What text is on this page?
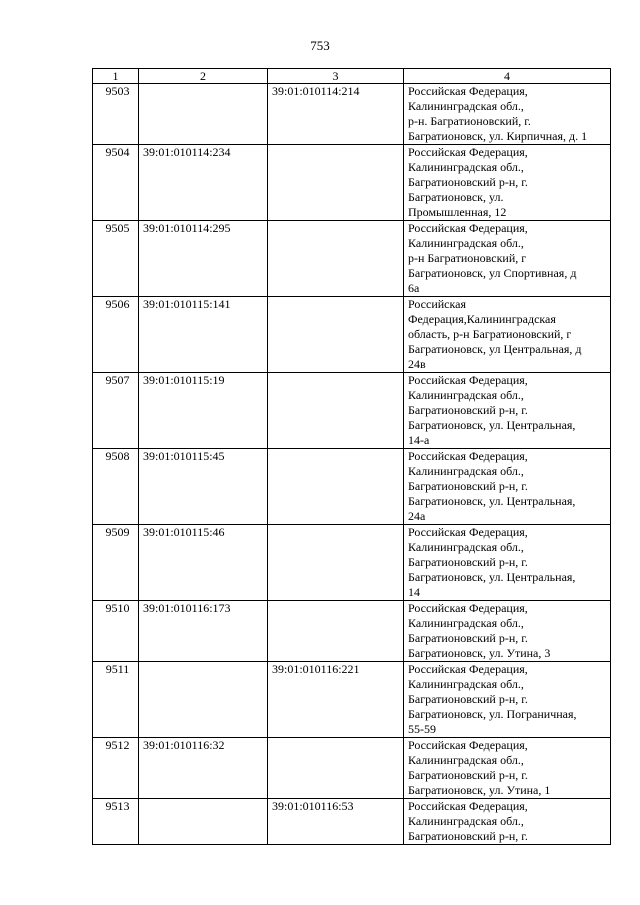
753
1	2	3	4
9503		39:01:010114:214	Российская Федерация,
Калининградская обл.,
р-н. Багратионовский, г.
Багратионовск, ул. Кирпичная, д. 1

9504	39:01:010114:234		Российская Федерация,
Калининградская обл.,
Багратионовский р-н, г.
Багратионовск, ул.
Промышленная, 12

9505	39:01:010114:295		Российская Федерация,
Калининградская обл.,
р-н Багратионовский, г
Багратионовск, ул Спортивная, д
6а

9506	39:01:010115:141		Российская
Федерация,Калининградская
область, р-н Багратионовский, г
Багратионовск, ул Центральная, д
24в

9507	39:01:010115:19		Российская Федерация,
Калининградская обл.,
Багратионовский р-н, г.
Багратионовск, ул. Центральная,
14-а

9508	39:01:010115:45		Российская Федерация,
Калининградская обл.,
Багратионовский р-н, г.
Багратионовск, ул. Центральная,
24а

9509	39:01:010115:46		Российская Федерация,
Калининградская обл.,
Багратионовский р-н, г.
Багратионовск, ул. Центральная,
14

9510	39:01:010116:173		Российская Федерация,
Калининградская обл.,
Багратионовский р-н, г.
Багратионовск, ул. Утина, 3

9511		39:01:010116:221	Российская Федерация,
Калининградская обл.,
Багратионовский р-н, г.
Багратионовск, ул. Пограничная,
55-59

9512	39:01:010116:32		Российская Федерация,
Калининградская обл.,
Багратионовский р-н, г.
Багратионовск, ул. Утина, 1

9513		39:01:010116:53	Российская Федерация,
Калининградская обл.,
Багратионовский р-н, г.
